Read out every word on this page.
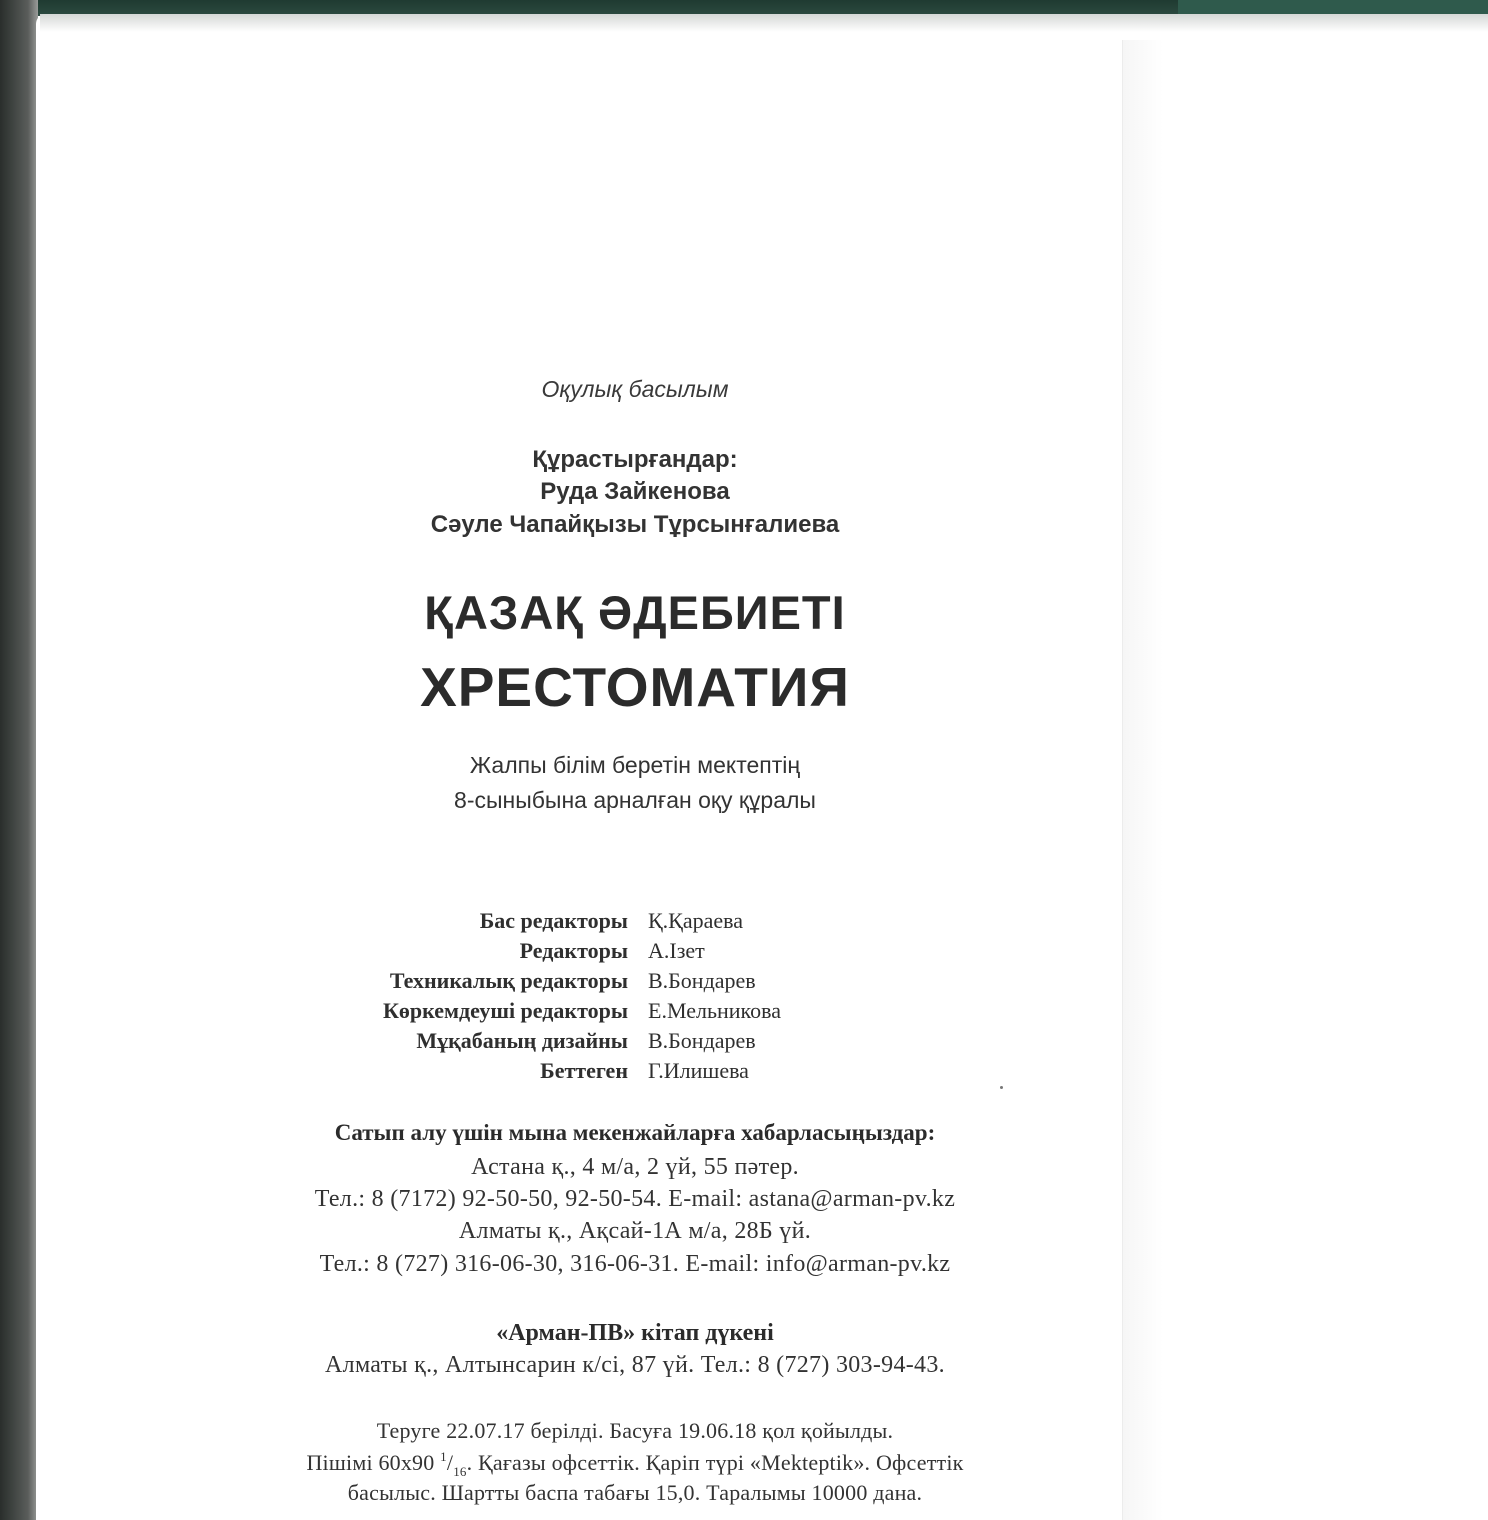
Оқулық басылым
Құрастырғандар:
Руда Зайкенова
Сәуле Чапайқызы Тұрсынғалиева
ҚАЗАҚ ӘДЕБИЕТІ
ХРЕСТОМАТИЯ
Жалпы білім беретін мектептің
8-сыныбына арналған оқу құралы
Бас редакторы Қ.Қараева
Редакторы А.Ізет
Техникалық редакторы В.Бондарев
Көркемдеуші редакторы Е.Мельникова
Мұқабаның дизайны В.Бондарев
Беттеген Г.Илишева
Сатып алу үшін мына мекенжайларға хабарласыңыздар:
Астана қ., 4 м/а, 2 үй, 55 пәтер.
Тел.: 8 (7172) 92-50-50, 92-50-54. E-mail: astana@arman-pv.kz
Алматы қ., Ақсай-1А м/а, 28Б үй.
Тел.: 8 (727) 316-06-30, 316-06-31. E-mail: info@arman-pv.kz
«Арман-ПВ» кітап дүкені
Алматы қ., Алтынсарин к/сі, 87 үй. Тел.: 8 (727) 303-94-43.
Теруге 22.07.17 берілді. Басуға 19.06.18 қол қойылды.
Пішімі 60х90 $^1/_{16}$. Қағазы офсеттік. Қаріп түрі «Mekteptik». Офсеттік
басылыс. Шартты баспа табағы 15,0. Таралымы 10000 дана.
